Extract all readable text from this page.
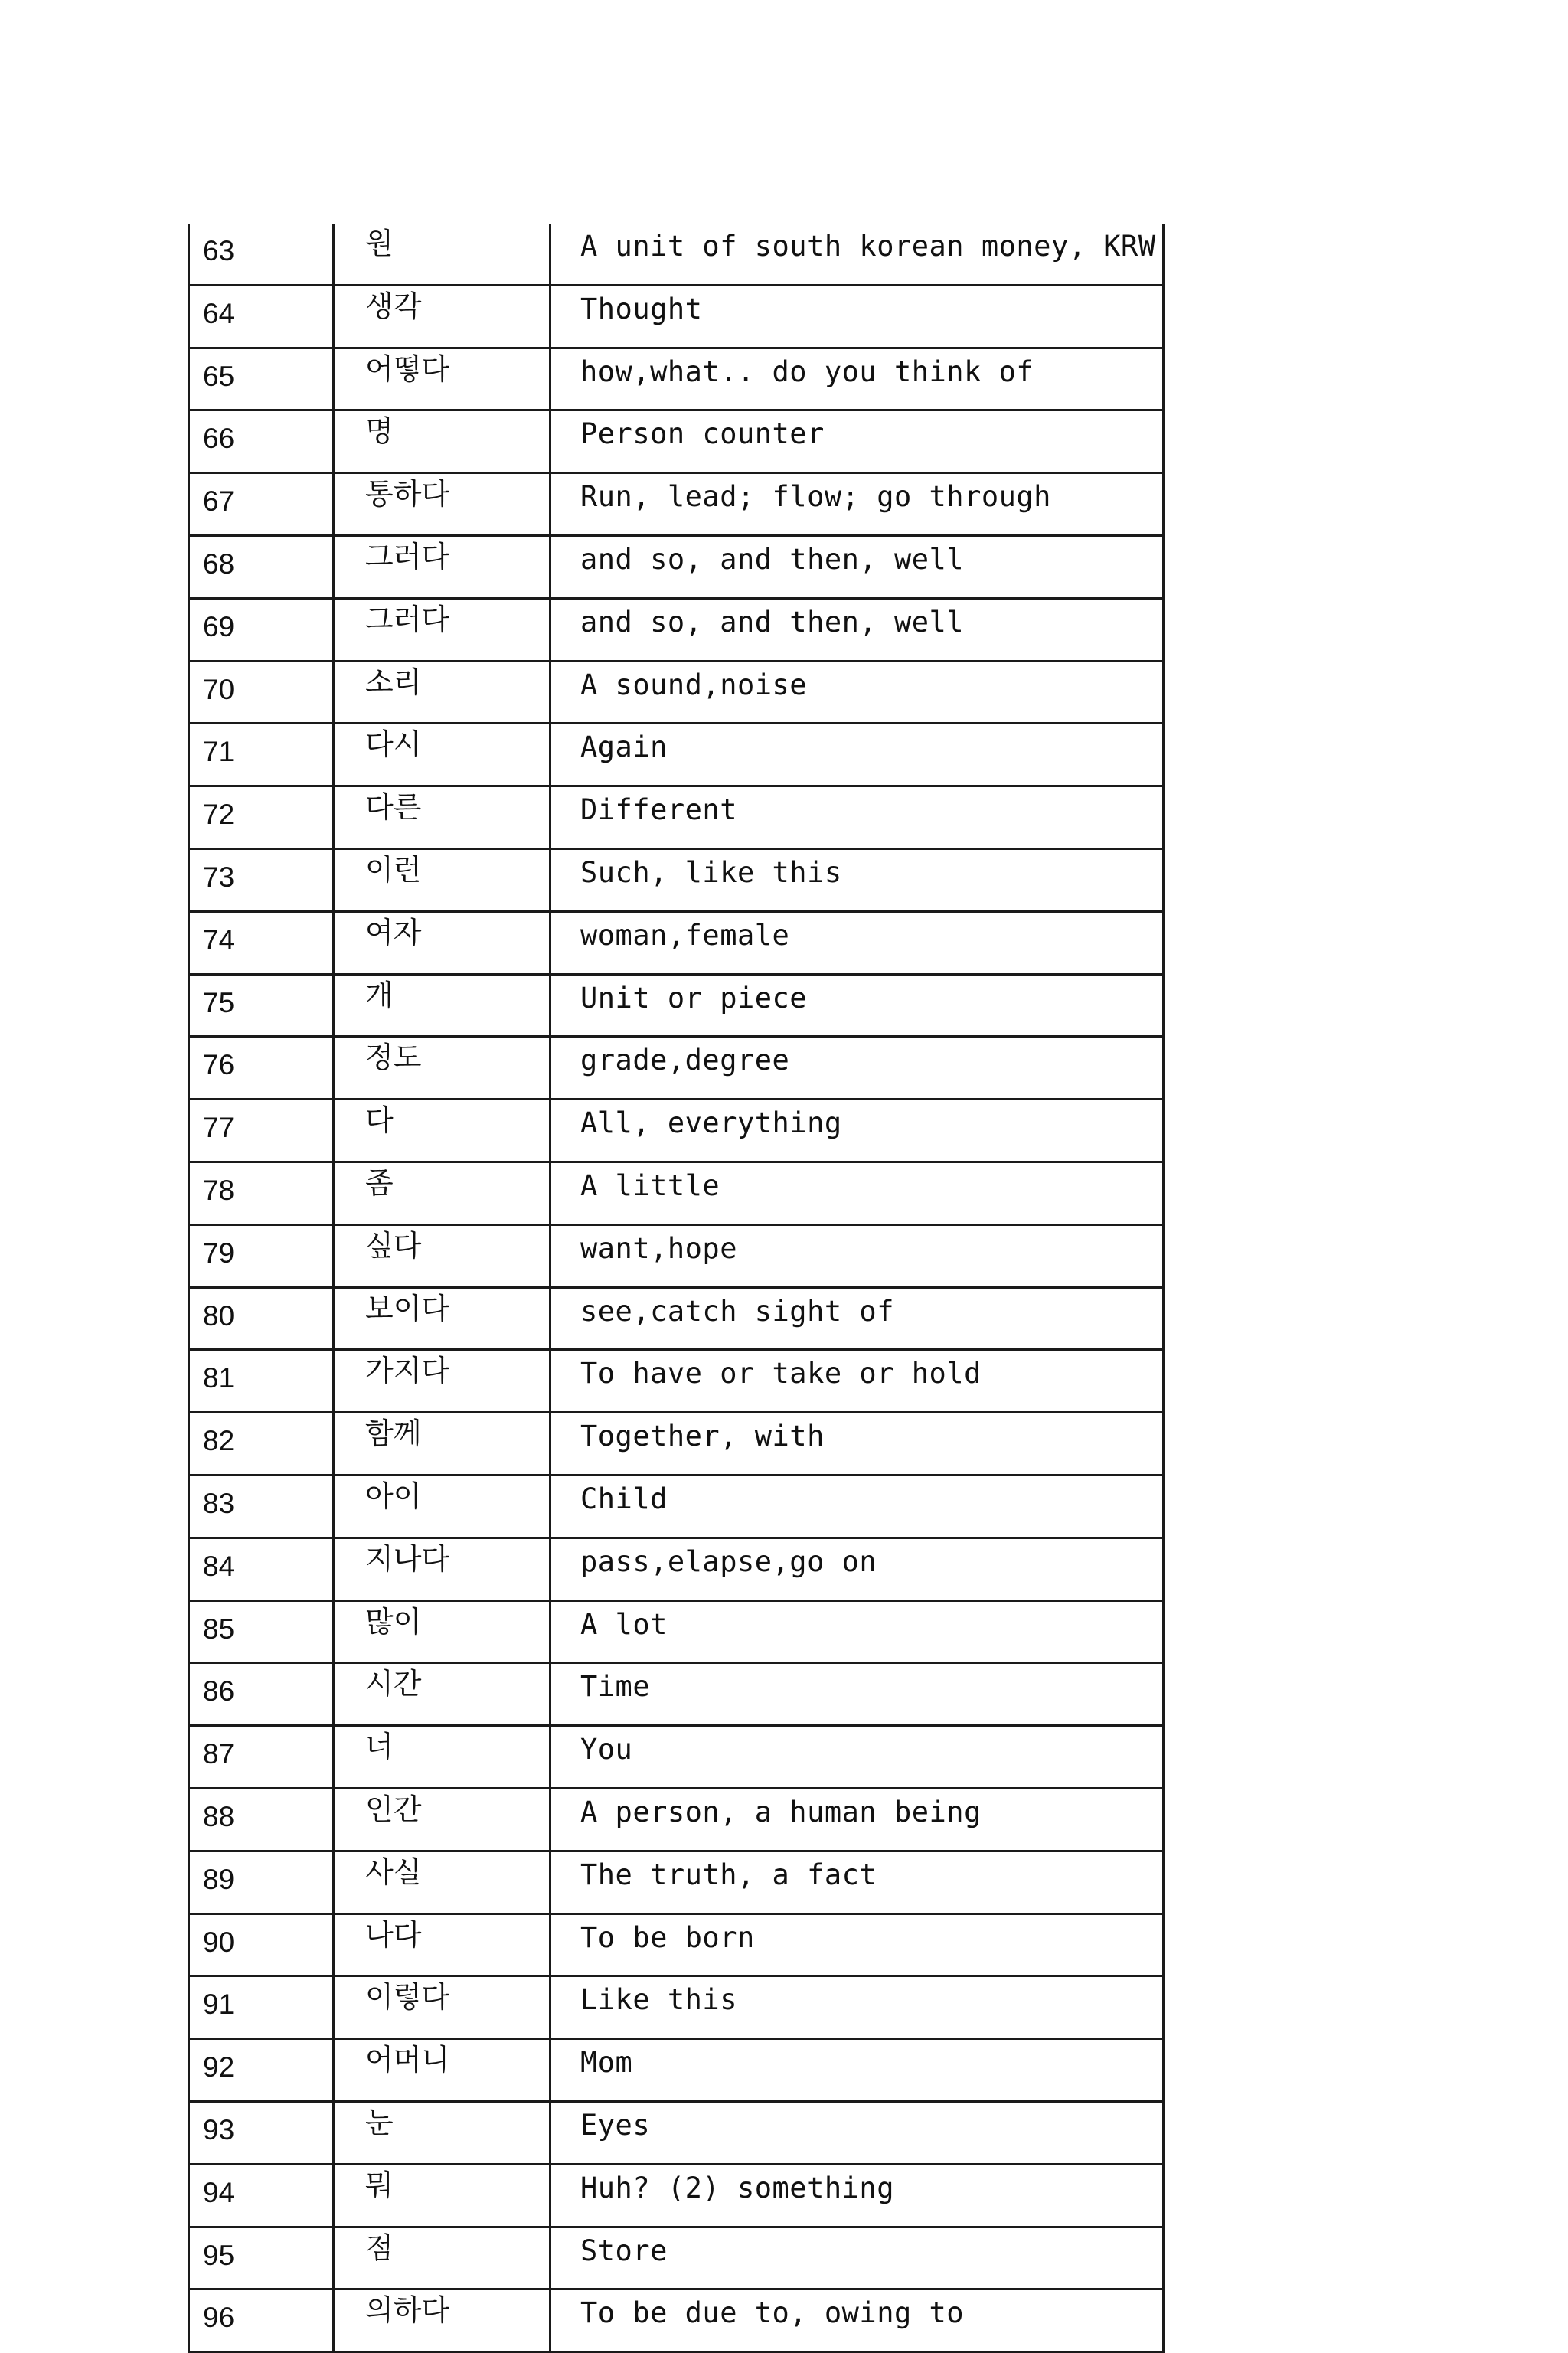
63	원	A unit of south korean money, KRW
64	생각	Thought
65	어떻다	how,what.. do you think of
66	명	Person counter
67	통하다	Run, lead; flow; go through
68	그러다	and so, and then, well
69	그러다	and so, and then, well
70	소리	A sound,noise
71	다시	Again
72	다른	Different
73	이런	Such, like this
74	여자	woman,female
75	개	Unit or piece
76	정도	grade,degree
77	다	All, everything
78	좀	A little
79	싶다	want,hope
80	보이다	see,catch sight of
81	가지다	To have or take or hold
82	함께	Together, with
83	아이	Child
84	지나다	pass,elapse,go on
85	많이	A lot
86	시간	Time
87	너	You
88	인간	A person, a human being
89	사실	The truth, a fact
90	나다	To be born
91	이렇다	Like this
92	어머니	Mom
93	눈	Eyes
94	뭐	Huh? (2) something
95	점	Store
96	의하다	To be due to, owing to
